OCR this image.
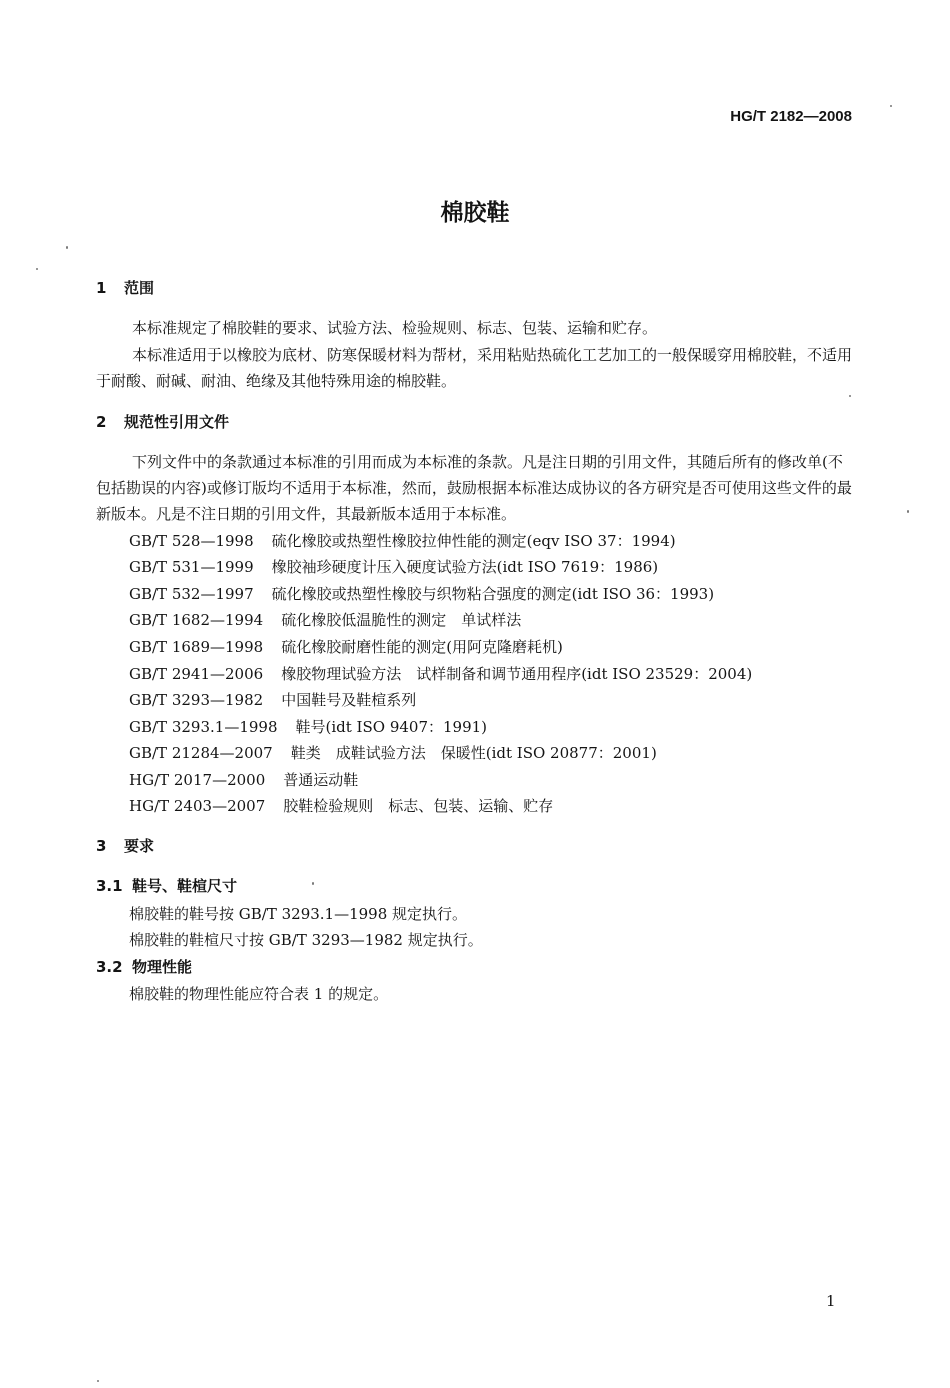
HG/T 2182—2008
棉胶鞋
1 范围
本标准规定了棉胶鞋的要求、试验方法、检验规则、标志、包装、运输和贮存。
本标准适用于以橡胶为底材、防寒保暖材料为帮材，采用粘贴热硫化工艺加工的一般保暖穿用棉胶鞋，不适用于耐酸、耐碱、耐油、绝缘及其他特殊用途的棉胶鞋。
2 规范性引用文件
下列文件中的条款通过本标准的引用而成为本标准的条款。凡是注日期的引用文件，其随后所有的修改单(不包括勘误的内容)或修订版均不适用于本标准，然而，鼓励根据本标准达成协议的各方研究是否可使用这些文件的最新版本。凡是不注日期的引用文件，其最新版本适用于本标准。
GB/T 528—1998 硫化橡胶或热塑性橡胶拉伸性能的测定(eqv ISO 37：1994)
GB/T 531—1999 橡胶袖珍硬度计压入硬度试验方法(idt ISO 7619：1986)
GB/T 532—1997 硫化橡胶或热塑性橡胶与织物粘合强度的测定(idt ISO 36：1993)
GB/T 1682—1994 硫化橡胶低温脆性的测定　单试样法
GB/T 1689—1998 硫化橡胶耐磨性能的测定(用阿克隆磨耗机)
GB/T 2941—2006 橡胶物理试验方法　试样制备和调节通用程序(idt ISO 23529：2004)
GB/T 3293—1982 中国鞋号及鞋楦系列
GB/T 3293.1—1998 鞋号(idt ISO 9407：1991)
GB/T 21284—2007 鞋类　成鞋试验方法　保暖性(idt ISO 20877：2001)
HG/T 2017—2000 普通运动鞋
HG/T 2403—2007 胶鞋检验规则　标志、包装、运输、贮存
3 要求
3.1 鞋号、鞋楦尺寸
棉胶鞋的鞋号按 GB/T 3293.1—1998 规定执行。
棉胶鞋的鞋楦尺寸按 GB/T 3293—1982 规定执行。
3.2 物理性能
棉胶鞋的物理性能应符合表 1 的规定。
1
